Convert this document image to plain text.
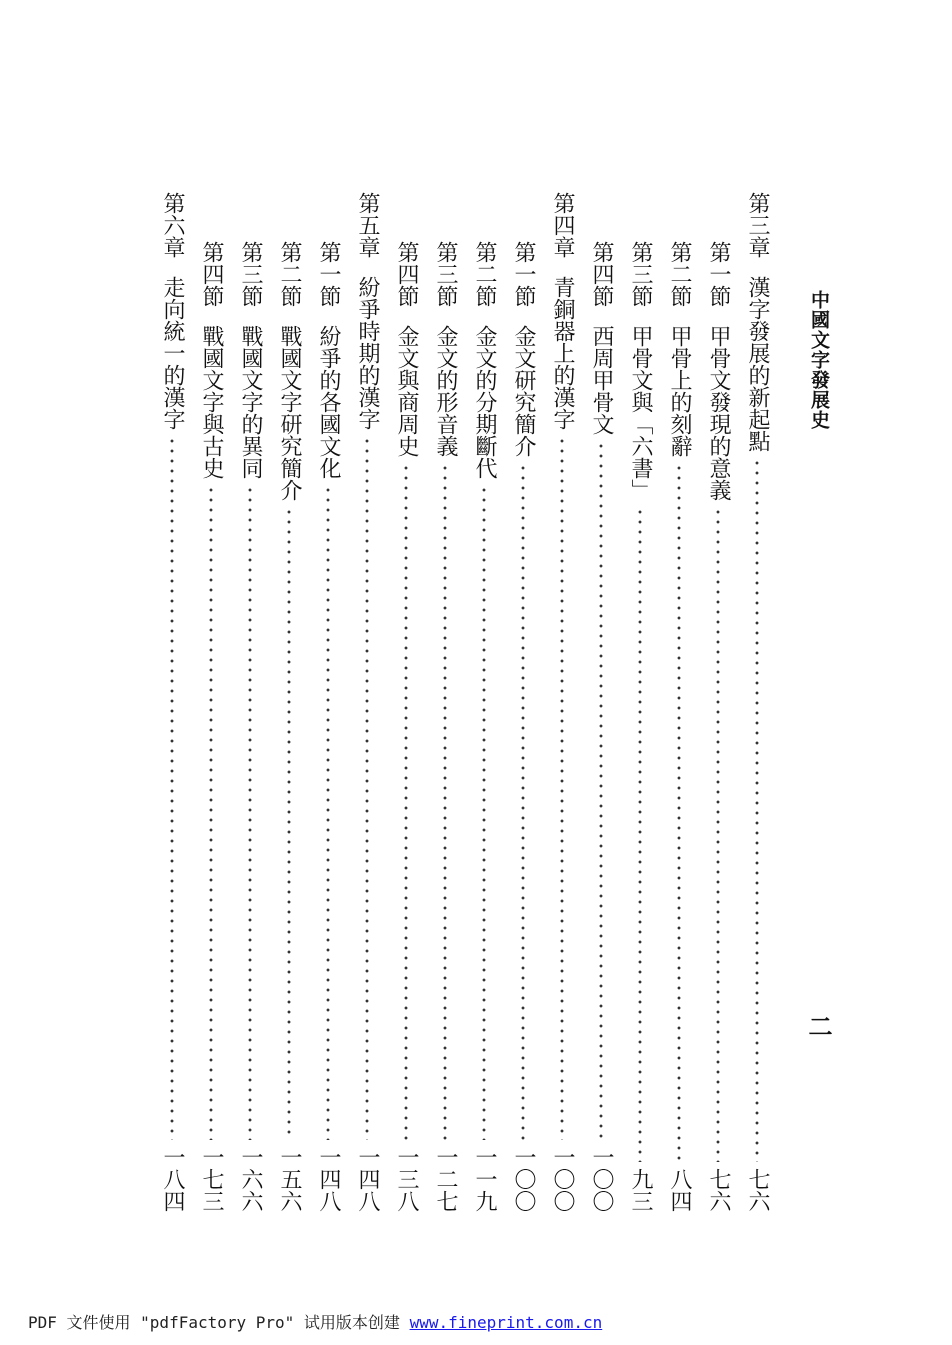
中國文字發展史
二
第三章
漢字發展的新起點
七六
第一節
甲骨文發現的意義
七六
第二節
甲骨上的刻辭
八四
第三節
甲骨文與「六書」
九三
第四節
西周甲骨文
一〇〇
第四章
青銅器上的漢字
一〇〇
第一節
金文研究簡介
一〇〇
第二節
金文的分期斷代
一一九
第三節
金文的形音義
一二七
第四節
金文與商周史
一三八
第五章
紛爭時期的漢字
一四八
第一節
紛爭的各國文化
一四八
第二節
戰國文字研究簡介
一五六
第三節
戰國文字的異同
一六六
第四節
戰國文字與古史
一七三
第六章
走向統一的漢字
一八四
PDF 文件使用 "pdfFactory Pro" 试用版本创建 www.fineprint.com.cn
